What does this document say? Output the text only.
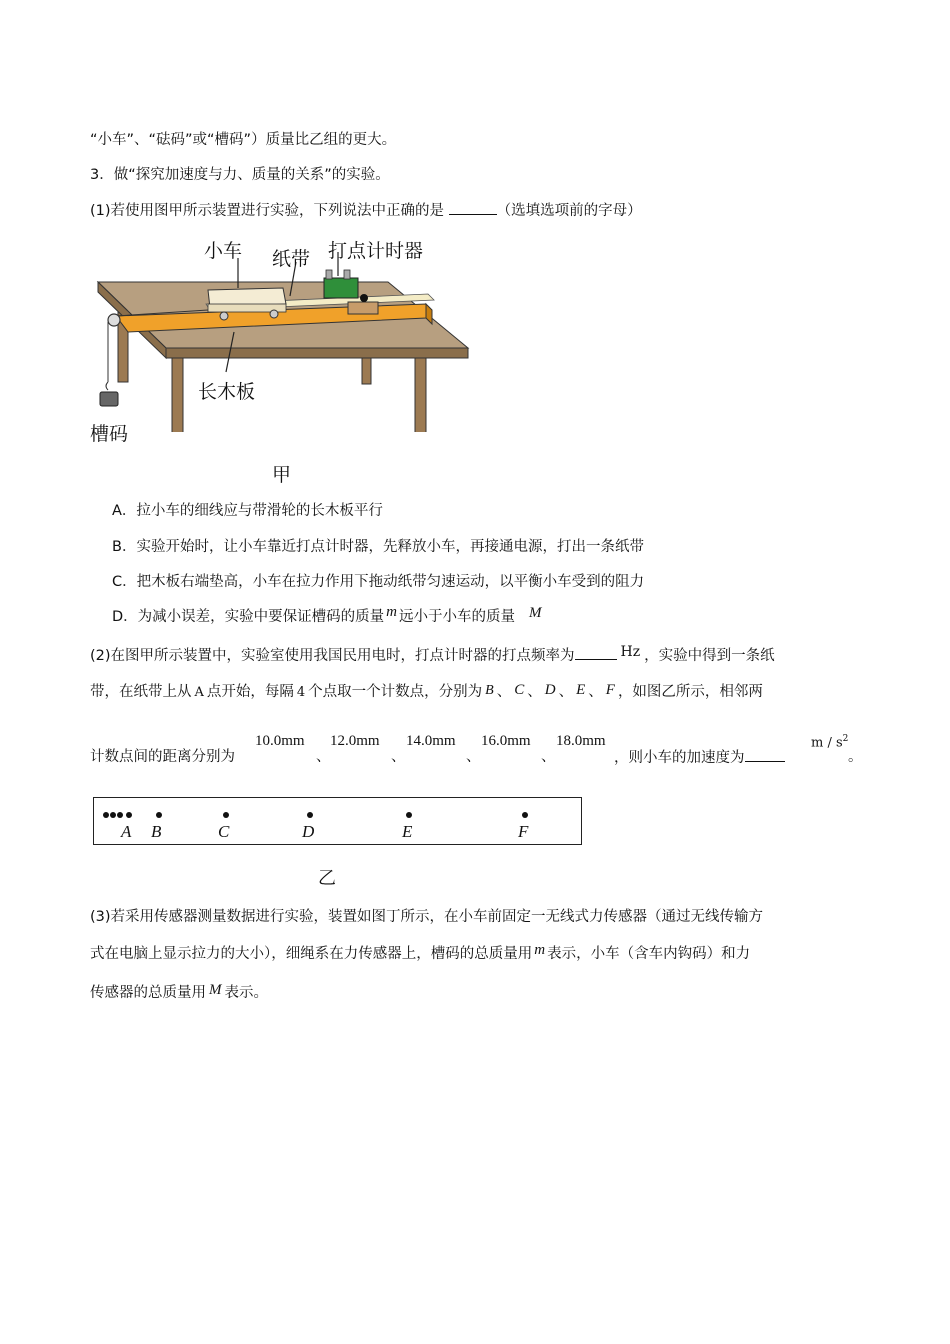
“小车”、“砝码”或“槽码”）质量比乙组的更大。
3．做“探究加速度与力、质量的关系”的实验。
(1)若使用图甲所示装置进行实验，下列说法中正确的是	（选填选项前的字母）
小车 纸带 打点计时器
长木板
槽码
甲
A．拉小车的细线应与带滑轮的长木板平行
B．实验开始时，让小车靠近打点计时器，先释放小车，再接通电源，打出一条纸带
C．把木板右端垫高，小车在拉力作用下拖动纸带匀速运动，以平衡小车受到的阻力
D．为减小误差，实验中要保证槽码的质量 m 远小于小车的质量 M
(2)在图甲所示装置中，实验室使用我国民用电时，打点计时器的打点频率为	Hz ，实验中得到一条纸
带，在纸带上从 A 点开始，每隔 4 个点取一个计数点，分别为 B 、 C 、 D 、 E 、 F ，如图乙所示，相邻两
10.0mm 12.0mm 14.0mm 16.0mm 18.0mm
计数点间的距离分别为	、	、	、	、	，则小车的加速度为
m / $s^2$
。
A B	C	D	E	F
乙
(3)若采用传感器测量数据进行实验，装置如图丁所示，在小车前固定一无线式力传感器（通过无线传输方
式在电脑上显示拉力的大小），细绳系在力传感器上，槽码的总质量用 m 表示，小车（含车内钩码）和力
传感器的总质量用 M 表示。
